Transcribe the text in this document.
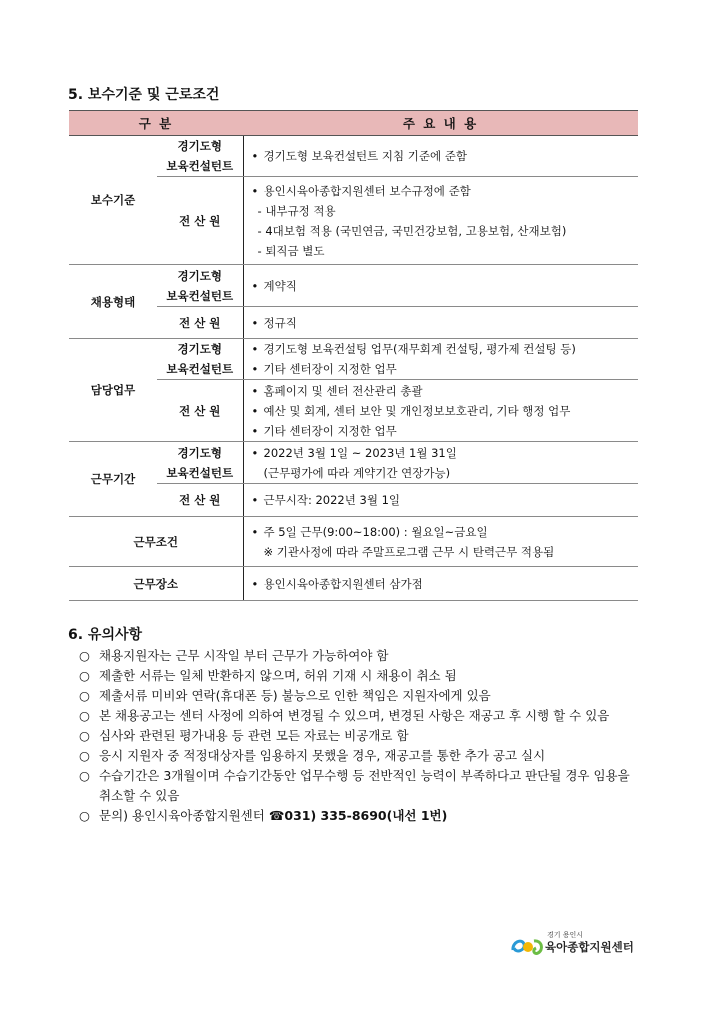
5. 보수기준 및 근로조건
구 분		주 요 내 용
보수기준	경기도형
보육컨설턴트	• 경기도형 보육컨설턴트 지침 기준에 준함

	전 산 원	• 용인시육아종합지원센터 보수규정에 준함
- 내부규정 적용
- 4대보험 적용 (국민연금, 국민건강보험, 고용보험, 산재보험)
- 퇴직금 별도

채용형태	경기도형
보육컨설턴트	• 계약직

	전 산 원	• 정규직

담당업무	경기도형
보육컨설턴트	• 경기도형 보육컨설팅 업무(재무회계 컨설팅, 평가제 컨설팅 등)
• 기타 센터장이 지정한 업무

	전 산 원	• 홈페이지 및 센터 전산관리 총괄
• 예산 및 회계, 센터 보안 및 개인정보보호관리, 기타 행정 업무
• 기타 센터장이 지정한 업무

근무기간	경기도형
보육컨설턴트	• 2022년 3월 1일 ~ 2023년 1월 31일
(근무평가에 따라 계약기간 연장가능)

	전 산 원	• 근무시작: 2022년 3월 1일

근무조건		• 주 5일 근무(9:00~18:00) : 월요일~금요일
※ 기관사정에 따라 주말프로그램 근무 시 탄력근무 적용됨

근무장소		• 용인시육아종합지원센터 삼가점
6. 유의사항
○ 채용지원자는 근무 시작일 부터 근무가 가능하여야 함
○ 제출한 서류는 일체 반환하지 않으며, 허위 기재 시 채용이 취소 됨
○ 제출서류 미비와 연락(휴대폰 등) 불능으로 인한 책임은 지원자에게 있음
○ 본 채용공고는 센터 사정에 의하여 변경될 수 있으며, 변경된 사항은 재공고 후 시행 할 수 있음
○ 심사와 관련된 평가내용 등 관련 모든 자료는 비공개로 함
○ 응시 지원자 중 적정대상자를 임용하지 못했을 경우, 재공고를 통한 추가 공고 실시
○ 수습기간은 3개월이며 수습기간동안 업무수행 등 전반적인 능력이 부족하다고 판단될 경우 임용을 취소할 수 있음
○ 문의) 용인시육아종합지원센터 ☎031) 335-8690(내선 1번)
경기 용인시
육아종합지원센터
